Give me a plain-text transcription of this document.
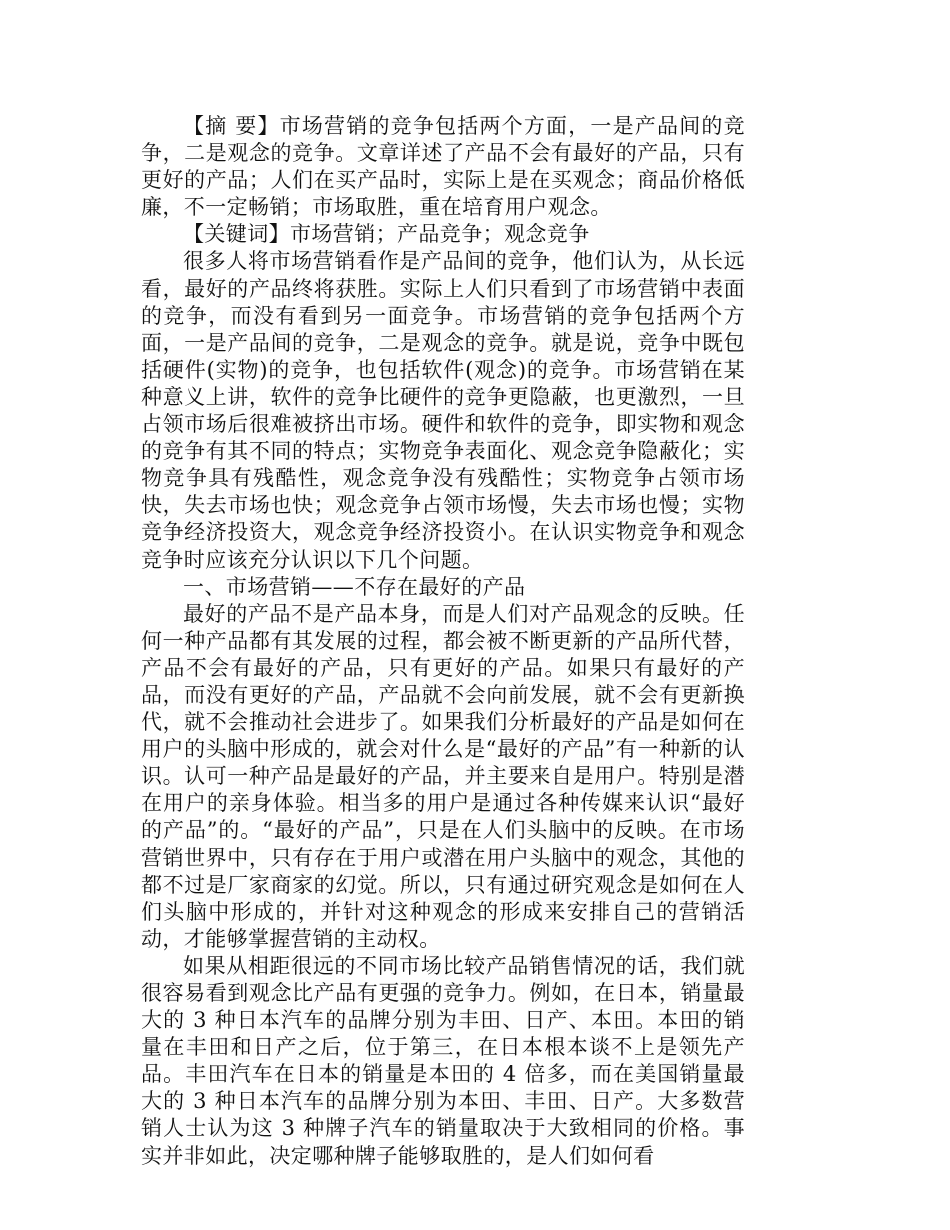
【摘 要】市场营销的竞争包括两个方面，一是产品间的竞争，二是观念的竞争。文章详述了产品不会有最好的产品，只有更好的产品；人们在买产品时，实际上是在买观念；商品价格低廉，不一定畅销；市场取胜，重在培育用户观念。

【关键词】市场营销；产品竞争；观念竞争

很多人将市场营销看作是产品间的竞争，他们认为，从长远看，最好的产品终将获胜。实际上人们只看到了市场营销中表面的竞争，而没有看到另一面竞争。市场营销的竞争包括两个方面，一是产品间的竞争，二是观念的竞争。就是说，竞争中既包括硬件(实物)的竞争，也包括软件(观念)的竞争。市场营销在某种意义上讲，软件的竞争比硬件的竞争更隐蔽，也更激烈，一旦占领市场后很难被挤出市场。硬件和软件的竞争，即实物和观念的竞争有其不同的特点；实物竞争表面化、观念竞争隐蔽化；实物竞争具有残酷性，观念竞争没有残酷性；实物竞争占领市场快，失去市场也快；观念竞争占领市场慢，失去市场也慢；实物竞争经济投资大，观念竞争经济投资小。在认识实物竞争和观念竞争时应该充分认识以下几个问题。

一、市场营销——不存在最好的产品

最好的产品不是产品本身，而是人们对产品观念的反映。任何一种产品都有其发展的过程，都会被不断更新的产品所代替，产品不会有最好的产品，只有更好的产品。如果只有最好的产品，而没有更好的产品，产品就不会向前发展，就不会有更新换代，就不会推动社会进步了。如果我们分析最好的产品是如何在用户的头脑中形成的，就会对什么是“最好的产品”有一种新的认识。认可一种产品是最好的产品，并主要来自是用户。特别是潜在用户的亲身体验。相当多的用户是通过各种传媒来认识“最好的产品”的。“最好的产品”，只是在人们头脑中的反映。在市场营销世界中，只有存在于用户或潜在用户头脑中的观念，其他的都不过是厂家商家的幻觉。所以，只有通过研究观念是如何在人们头脑中形成的，并针对这种观念的形成来安排自己的营销活动，才能够掌握营销的主动权。

如果从相距很远的不同市场比较产品销售情况的话，我们就很容易看到观念比产品有更强的竞争力。例如，在日本，销量最大的 3 种日本汽车的品牌分别为丰田、日产、本田。本田的销量在丰田和日产之后，位于第三，在日本根本谈不上是领先产品。丰田汽车在日本的销量是本田的 4 倍多，而在美国销量最大的 3 种日本汽车的品牌分别为本田、丰田、日产。大多数营销人士认为这 3 种牌子汽车的销量取决于大致相同的价格。事实并非如此，决定哪种牌子能够取胜的，是人们如何看
